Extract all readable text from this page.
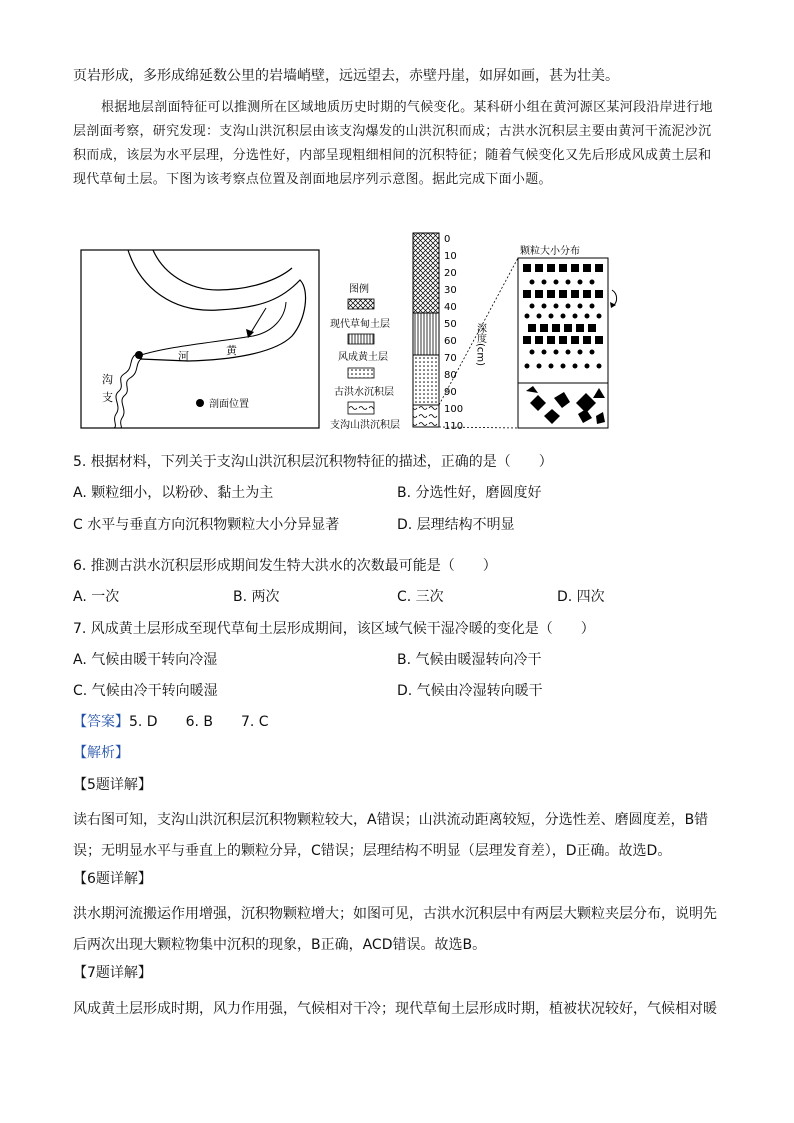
页岩形成，多形成绵延数公里的岩墙峭壁，远远望去，赤壁丹崖，如屏如画，甚为壮美。
根据地层剖面特征可以推测所在区域地质历史时期的气候变化。某科研小组在黄河源区某河段沿岸进行地层剖面考察，研究发现：支沟山洪沉积层由该支沟爆发的山洪沉积而成；古洪水沉积层主要由黄河干流泥沙沉积而成，该层为水平层理，分选性好，内部呈现粗细相间的沉积特征；随着气候变化又先后形成风成黄土层和现代草甸土层。下图为该考察点位置及剖面地层序列示意图。据此完成下面小题。
河	黄
沟
支
剖面位置
图例
现代草甸土层
风成黄土层
古洪水沉积层
支沟山洪沉积层
0
10
20
30
40
50
60
70
80
90
100
110
深度(cm)
颗粒大小分布
5. 根据材料，下列关于支沟山洪沉积层沉积物特征的描述，正确的是（　　）
A. 颗粒细小，以粉砂、黏土为主	B. 分选性好，磨圆度好
C 水平与垂直方向沉积物颗粒大小分异显著	D. 层理结构不明显
6. 推测古洪水沉积层形成期间发生特大洪水的次数最可能是（　　）
A. 一次	B. 两次	C. 三次	D. 四次
7. 风成黄土层形成至现代草甸土层形成期间，该区域气候干湿冷暖的变化是（　　）
A. 气候由暖干转向冷湿	B. 气候由暖湿转向冷干
C. 气候由冷干转向暖湿	D. 气候由冷湿转向暖干
【答案】5. D　　6. B　　7. C
【解析】
【5题详解】
读右图可知，支沟山洪沉积层沉积物颗粒较大，A错误；山洪流动距离较短，分选性差、磨圆度差，B错误；无明显水平与垂直上的颗粒分异，C错误；层理结构不明显（层理发育差），D正确。故选D。
【6题详解】
洪水期河流搬运作用增强，沉积物颗粒增大；如图可见，古洪水沉积层中有两层大颗粒夹层分布，说明先后两次出现大颗粒物集中沉积的现象，B正确，ACD错误。故选B。
【7题详解】
风成黄土层形成时期，风力作用强，气候相对干冷；现代草甸土层形成时期，植被状况较好，气候相对暖
